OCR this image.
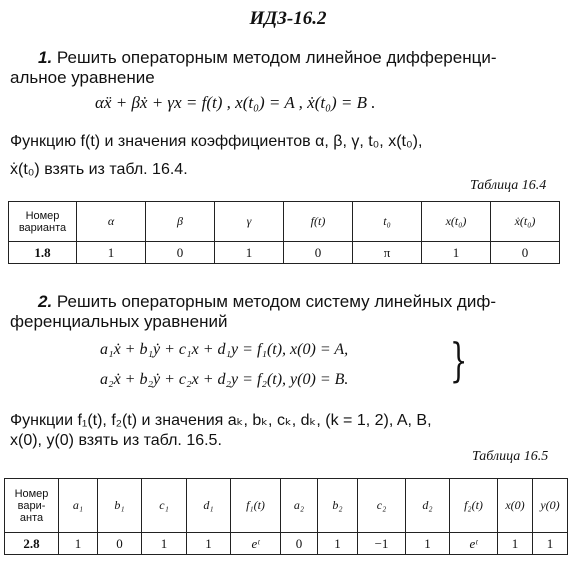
ИДЗ-16.2
1. Решить операторным методом линейное дифференци-
альное уравнение
αẍ + βẋ + γx = f(t) , x(t₀) = A , ẋ(t₀) = B .
Функцию f(t) и значения коэффициентов α, β, γ, t₀, x(t₀),
ẋ(t₀) взять из табл. 16.4.
Таблица 16.4
Номер варианта	α	β	γ	f(t)	t₀	x(t₀)	ẋ(t₀)
1.8	1	0	1	0	π	1	0
2. Решить операторным методом систему линейных диф-
ференциальных уравнений
a₁ẋ + b₁ẏ + c₁x + d₁y = f₁(t), x(0) = A,
a₂ẋ + b₂ẏ + c₂x + d₂y = f₂(t), y(0) = B. }
Функции f₁(t), f₂(t) и значения aₖ, bₖ, cₖ, dₖ, (k = 1, 2), A, B,
x(0), y(0) взять из табл. 16.5.
Таблица 16.5
Номер вари- анта	a₁	b₁	c₁	d₁	f₁(t)	a₂	b₂	c₂	d₂	f₂(t)	x(0)	y(0)
2.8	1	0	1	1	eᵗ	0	1	−1	1	eᵗ	1	1
